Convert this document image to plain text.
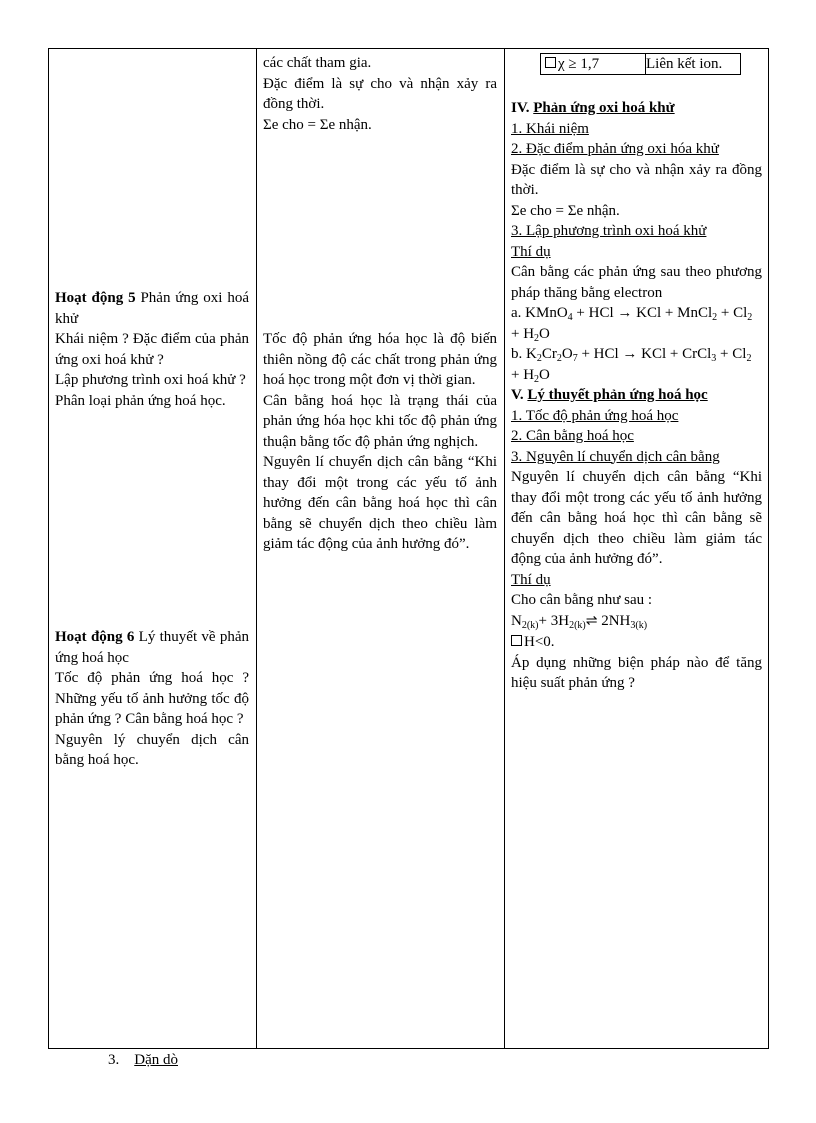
Hoạt động 5 Phản ứng oxi hoá khử

Khái niệm ? Đặc điểm của phản ứng oxi hoá khử ?

Lập phương trình oxi hoá khử ?

Phân loại phản ứng hoá học.

Hoạt động 6 Lý thuyết về phản ứng hoá học

Tốc độ phản ứng hoá học ? Những yếu tố ảnh hưởng tốc độ phản ứng ? Cân bằng hoá học ?

Nguyên lý chuyển dịch cân bằng hoá học.

các chất tham gia.

Đặc điểm là sự cho và nhận xảy ra đồng thời.

Σe cho = Σe nhận.

Tốc độ phản ứng hóa học là độ biến thiên nồng độ các chất trong phản ứng hoá học trong một đơn vị thời gian.

Cân bằng hoá học là trạng thái của phản ứng hóa học khi tốc độ phản ứng thuận bằng tốc độ phản ứng nghịch.

Nguyên lí chuyển dịch cân bằng “Khi thay đổi một trong các yếu tố ảnh hưởng đến cân bằng hoá học thì cân bằng sẽ chuyển dịch theo chiều làm giảm tác động của ảnh hưởng đó”.

χ ≥ 1,7	Liên kết ion.

IV. Phản ứng oxi hoá khử

1. Khái niệm

2. Đặc điểm phản ứng oxi hóa khử

Đặc điểm là sự cho và nhận xảy ra đồng thời.

Σe cho = Σe nhận.

3. Lập phương trình oxi hoá khử

Thí dụ

Cân bằng các phản ứng sau theo phương pháp thăng bằng electron

a. KMnO$_4$ + HCl → KCl + MnCl$_2$ + $Cl_2 + H_2O$

b. $K_2Cr_2O_7$ + HCl → KCl + CrCl$_3$ + $Cl_2 + H_2O$

V. Lý thuyết phản ứng hoá học

1. Tốc độ phản ứng hoá học

2. Cân bằng hoá học

3. Nguyên lí chuyển dịch cân bằng

Nguyên lí chuyển dịch cân bằng “Khi thay đổi một trong các yếu tố ảnh hưởng đến cân bằng hoá học thì cân bằng sẽ chuyển dịch theo chiều làm giảm tác động của ảnh hưởng đó”.

Thí dụ

Cho cân bằng như sau :

$N_{2(k)}+$ $3H_{2(k)}\rightleftharpoons$ $2NH_{3(k)}$

H<0.

Áp dụng những biện pháp nào để tăng hiệu suất phản ứng ?

3. Dặn dò
